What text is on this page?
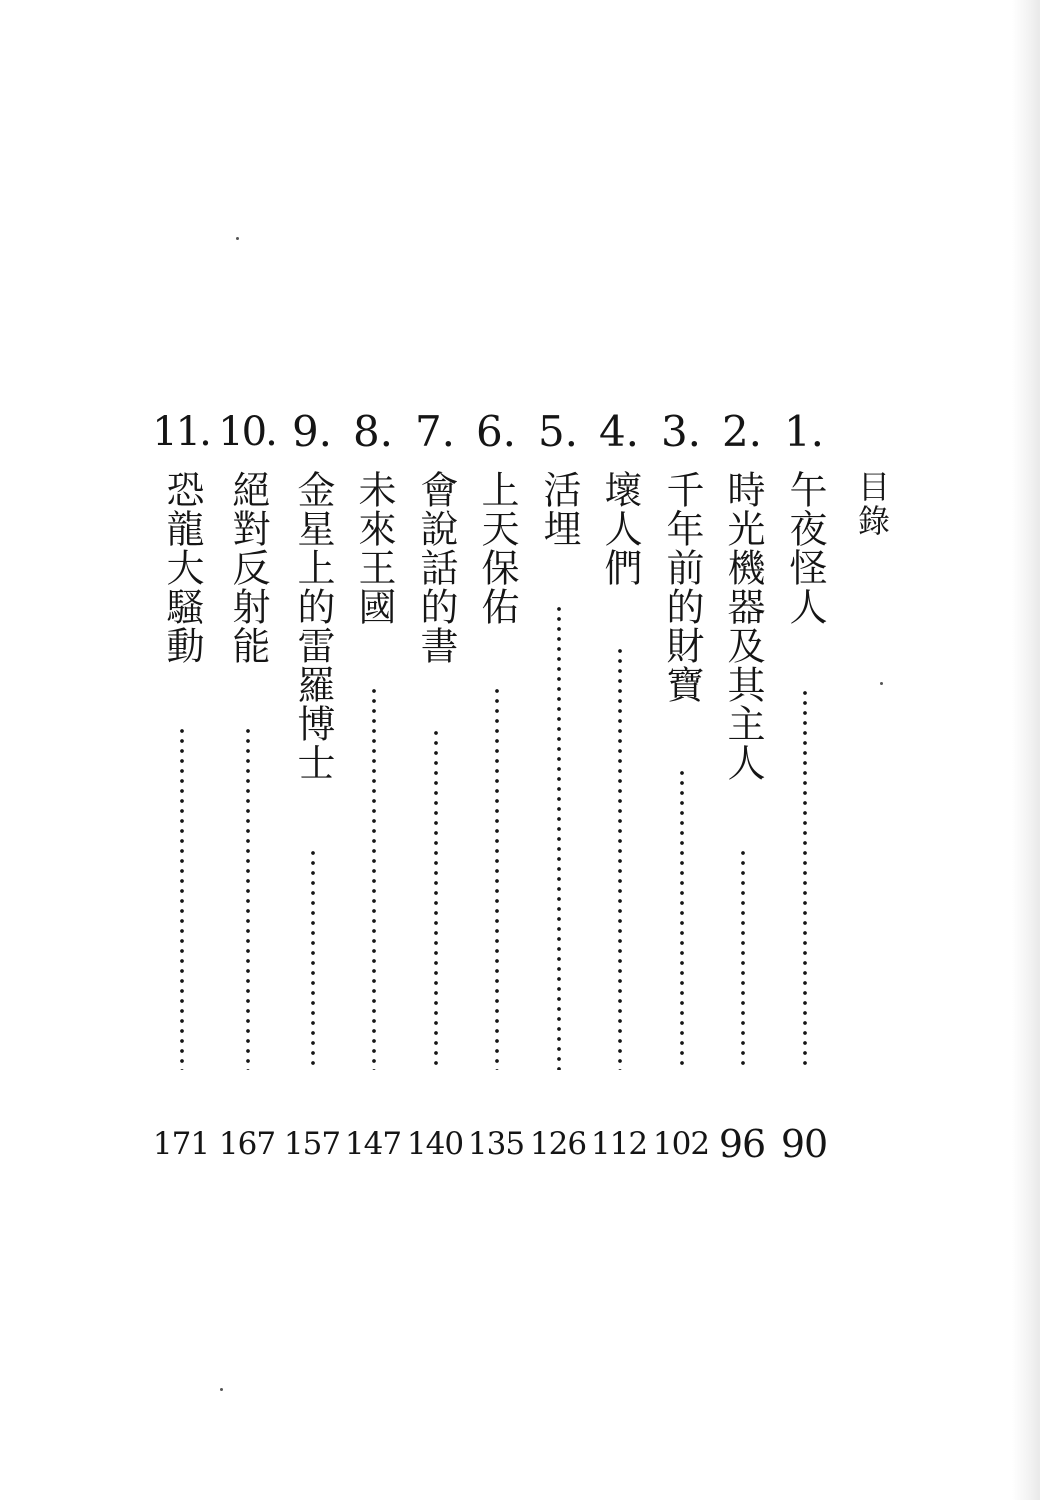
目錄
1.
午夜怪人
90
2.
時光機器及其主人
96
3.
千年前的財寶
102
4.
壞人們
112
5.
活埋
126
6.
上天保佑
135
7.
會說話的書
140
8.
未來王國
147
9.
金星上的雷羅博士
157
10.
絕對反射能
167
11.
恐龍大騷動
171
